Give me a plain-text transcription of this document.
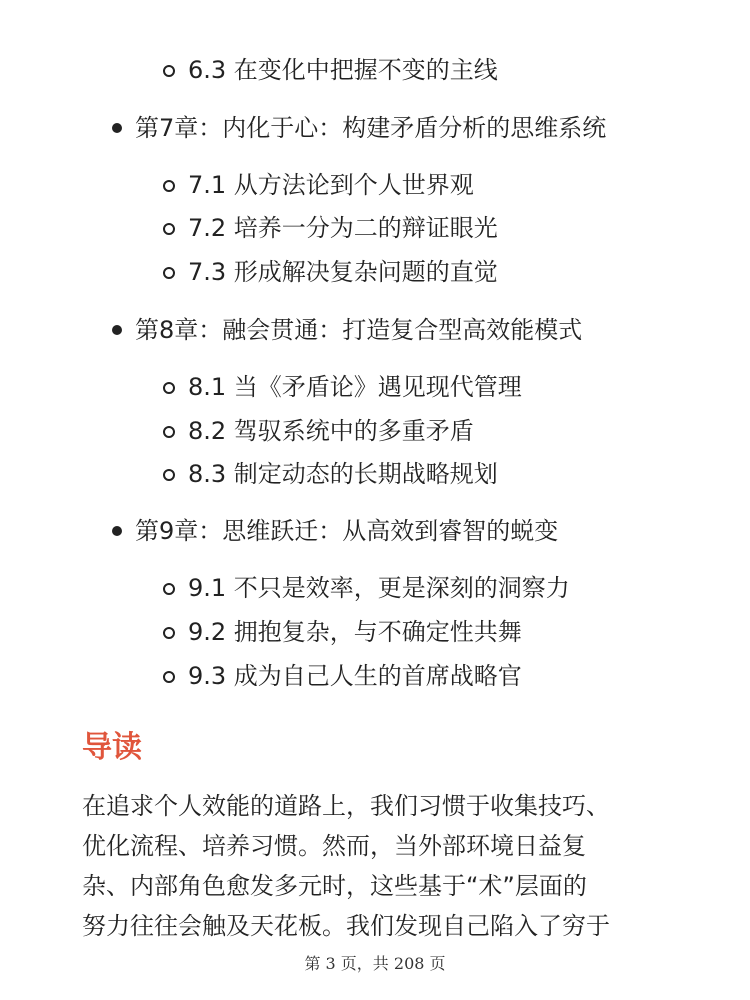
6.3 在变化中把握不变的主线
第7章：内化于心：构建矛盾分析的思维系统
7.1 从方法论到个人世界观
7.2 培养一分为二的辩证眼光
7.3 形成解决复杂问题的直觉
第8章：融会贯通：打造复合型高效能模式
8.1 当《矛盾论》遇见现代管理
8.2 驾驭系统中的多重矛盾
8.3 制定动态的长期战略规划
第9章：思维跃迁：从高效到睿智的蜕变
9.1 不只是效率，更是深刻的洞察力
9.2 拥抱复杂，与不确定性共舞
9.3 成为自己人生的首席战略官
导读
在追求个人效能的道路上，我们习惯于收集技巧、
优化流程、培养习惯。然而，当外部环境日益复
杂、内部角色愈发多元时，这些基于“术”层面的
努力往往会触及天花板。我们发现自己陷入了穷于
第 3 页，共 208 页
